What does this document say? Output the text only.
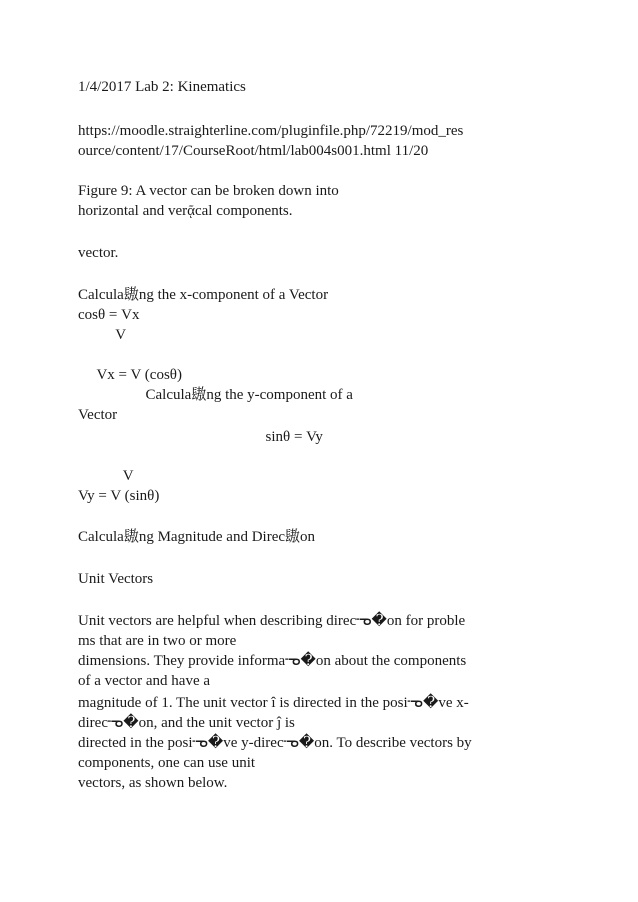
1/4/2017 Lab 2: Kinematics
https://moodle.straighterline.com/pluginfile.php/72219/mod_res
ource/content/17/CourseRoot/html/lab004s001.html 11/20
Figure 9: A vector can be broken down into
horizontal and verᾷcal components.
vector.
Calcula䦋ng the x-component of a Vector
cosθ = Vx
V
Vx = V (cosθ)
Calcula䦋ng the y-component of a
Vector
sinθ = Vy
V
Vy = V (sinθ)
Calcula䦋ng Magnitude and Direc䦋on
Unit Vectors
Unit vectors are helpful when describing direc᠊ᓀ�on for proble
ms that are in two or more
dimensions. They provide informa᠊ᓀ�on about the components
of a vector and have a
magnitude of 1. The unit vector î is directed in the posi᠊ᓀ�ve x-
direc᠊ᓀ�on, and the unit vector ĵ is
directed in the posi᠊ᓀ�ve y-direc᠊ᓀ�on. To describe vectors by
components, one can use unit
vectors, as shown below.
